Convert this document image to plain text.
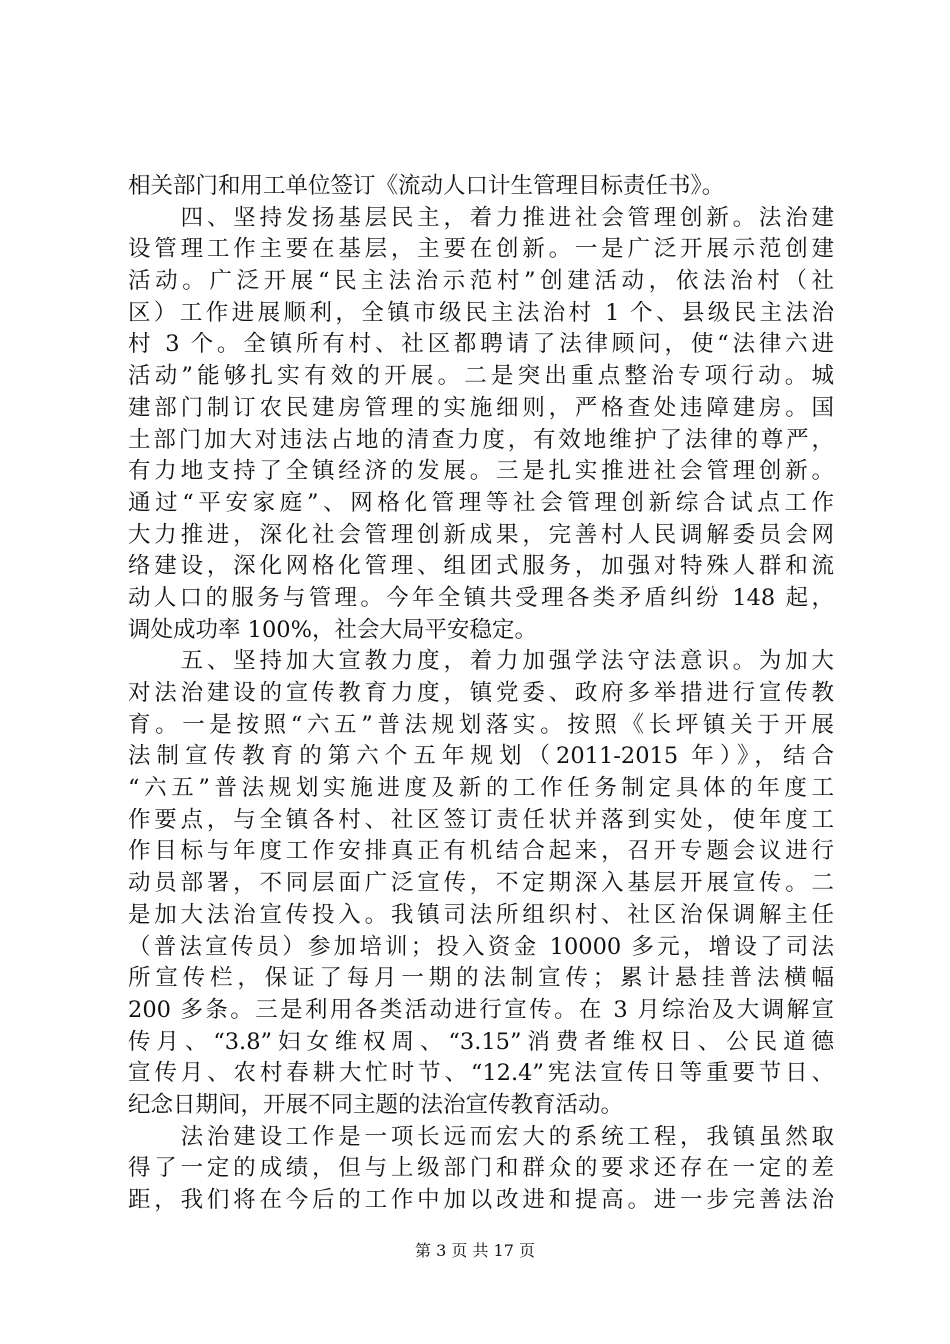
相关部门和用工单位签订《流动人口计生管理目标责任书》。
　　四、坚持发扬基层民主，着力推进社会管理创新。法治建
设管理工作主要在基层，主要在创新。一是广泛开展示范创建
活动。广泛开展“民主法治示范村”创建活动，依法治村（社
区）工作进展顺利，全镇市级民主法治村 1 个、县级民主法治
村 3 个。全镇所有村、社区都聘请了法律顾问，使“法律六进
活动”能够扎实有效的开展。二是突出重点整治专项行动。城
建部门制订农民建房管理的实施细则，严格查处违障建房。国
土部门加大对违法占地的清查力度，有效地维护了法律的尊严，
有力地支持了全镇经济的发展。三是扎实推进社会管理创新。
通过“平安家庭”、网格化管理等社会管理创新综合试点工作
大力推进，深化社会管理创新成果，完善村人民调解委员会网
络建设，深化网格化管理、组团式服务，加强对特殊人群和流
动人口的服务与管理。今年全镇共受理各类矛盾纠纷 148 起，
调处成功率 100%，社会大局平安稳定。
　　五、坚持加大宣教力度，着力加强学法守法意识。为加大
对法治建设的宣传教育力度，镇党委、政府多举措进行宣传教
育。一是按照“六五”普法规划落实。按照《长坪镇关于开展
法制宣传教育的第六个五年规划（2011-2015 年）》，结合
“六五”普法规划实施进度及新的工作任务制定具体的年度工
作要点，与全镇各村、社区签订责任状并落到实处，使年度工
作目标与年度工作安排真正有机结合起来，召开专题会议进行
动员部署，不同层面广泛宣传，不定期深入基层开展宣传。二
是加大法治宣传投入。我镇司法所组织村、社区治保调解主任
（普法宣传员）参加培训；投入资金 10000 多元，增设了司法
所宣传栏，保证了每月一期的法制宣传；累计悬挂普法横幅
200 多条。三是利用各类活动进行宣传。在 3 月综治及大调解宣
传月、“3.8”妇女维权周、“3.15”消费者维权日、公民道德
宣传月、农村春耕大忙时节、“12.4”宪法宣传日等重要节日、
纪念日期间，开展不同主题的法治宣传教育活动。
　　法治建设工作是一项长远而宏大的系统工程，我镇虽然取
得了一定的成绩，但与上级部门和群众的要求还存在一定的差
距，我们将在今后的工作中加以改进和提高。进一步完善法治
第 3 页 共 17 页
